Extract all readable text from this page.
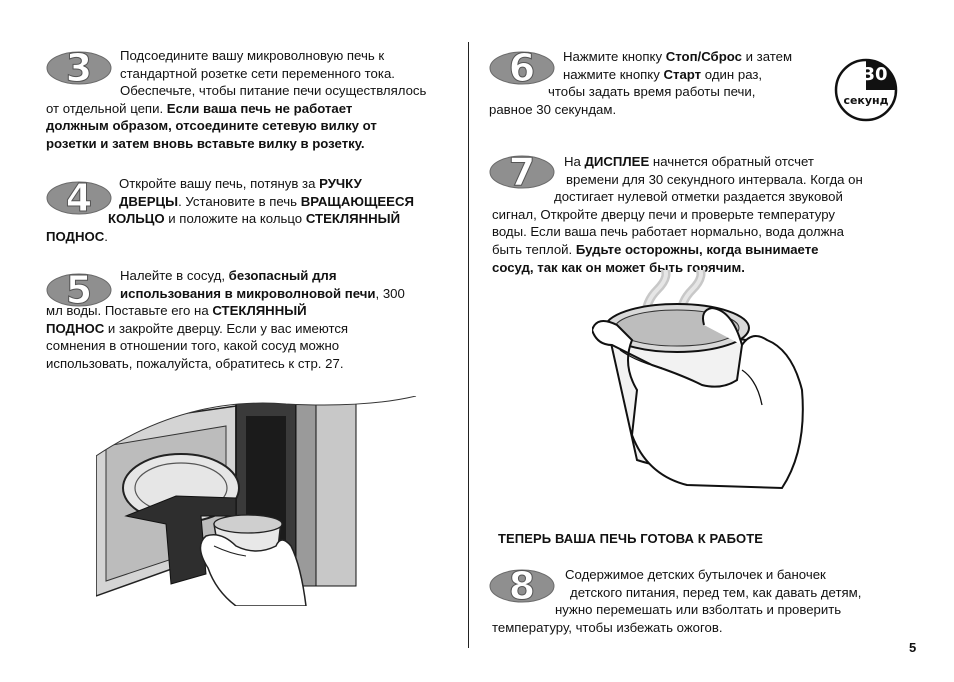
3	Подсоедините вашу микроволновую печь к

стандартной розетке сети переменного тока.

Обеспечьте, чтобы питание печи осуществлялось

от отдельной цепи. Если ваша печь не работает

должным образом, отсоедините сетевую вилку от

розетки и затем вновь вставьте вилку в розетку.

4	Откройте вашу печь, потянув за РУЧКУ

ДВЕРЦЫ. Установите в печь ВРАЩАЮЩЕЕСЯ

КОЛЬЦО и положите на кольцо СТЕКЛЯННЫЙ

ПОДНОС.

5	Налейте в сосуд, безопасный для

использования в микроволновой печи, 300

мл воды. Поставьте его на СТЕКЛЯННЫЙ

ПОДНОС и закройте дверцу. Если у вас имеются

сомнения в отношении того, какой сосуд можно

использовать, пожалуйста, обратитесь к стр. 27.

6	Нажмите кнопку Стоп/Сброс и затем

нажмите кнопку Старт один раз,

чтобы задать время работы печи,

равное 30 секундам.

30
секунд
7	На ДИСПЛЕЕ начнется обратный отсчет

времени для 30 секундного интервала. Когда он

достигает нулевой отметки раздается звуковой

сигнал, Откройте дверцу печи и проверьте температуру

воды. Если ваша печь работает нормально, вода должна

быть теплой. Будьте осторожны, когда вынимаете

сосуд, так как он может быть горячим.

ТЕПЕРЬ ВАША ПЕЧЬ ГОТОВА К РАБОТЕ
8	Содержимое детских бутылочек и баночек

детского питания, перед тем, как давать детям,

нужно перемешать или взболтать и проверить

температуру, чтобы избежать ожогов.

5
